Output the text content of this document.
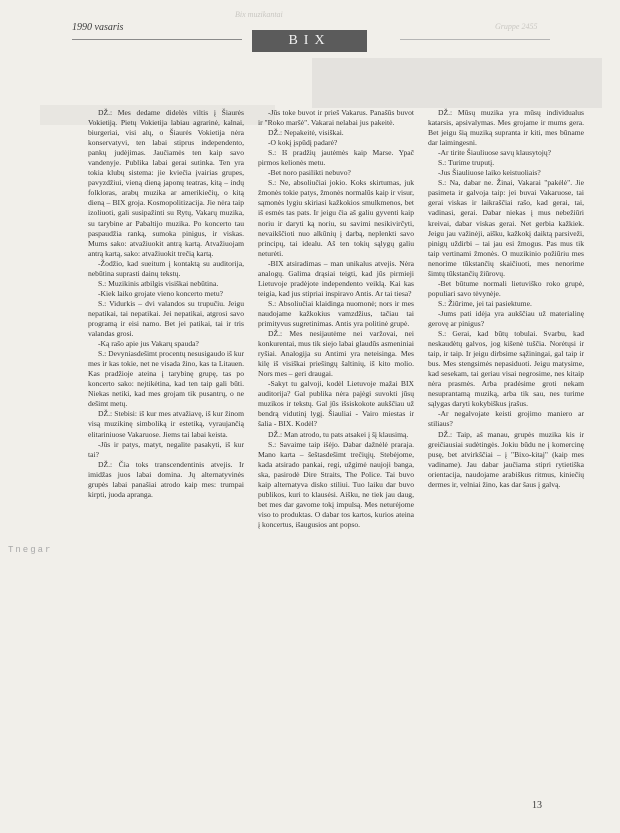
Bix muzikantai
Gruppe 2455
1990 vasaris
BIX

DŽ.: Mes dedame didelės viltis į Šiaurės Vokietiją. Pietų Vokietija labiau agrarinė, kalnai, biurgeriai, visi alų, o Šiaurės Vokietija nėra konservatyvi, ten labai stiprus independento, pankų judėjimas. Jaučiamės ten kaip savo vandenyje. Publika labai gerai sutinka. Ten yra tokia klubų sistema: jie kviečia įvairias grupes, pavyzdžiui, vieną dieną japonų teatras, kitą – indų folkloras, arabų muzika ar amerikiečių, o kitą dieną – BIX groja. Kosmopolitizacija. Jie nėra taip izoliuoti, gali susipažinti su Rytų, Vakarų muzika, su tarybine ar Pabaltijo muzika. Po koncerto tau paspaudžia ranką, sumoka pinigus, ir viskas. Mums sako: atvažiuokit antrą kartą. Atvažiuojam antrą kartą, sako: atvažiuokit trečią kartą.

-Žodžio, kad sueitum į kontaktą su auditorija, nebūtina suprasti dainų tekstų.

S.: Muzikinis atbilgis visiškai nebūtina.

-Kiek laiko grojate vieno koncerto metu?

S.: Vidurkis – dvi valandos su trupučiu. Jeigu nepatikai, tai nepatikai. Jei nepatikai, atgrosi savo programą ir eisi namo. Bet jei patikai, tai ir tris valandas grosi.

-Ką rašo apie jus Vakarų spauda?

S.: Devyniasdešimt procentų nesusigaudo iš kur mes ir kas tokie, net ne visada žino, kas ta Litauen. Kas pradžioje ateina į tarybinę grupę, tas po koncerto sako: nejtikėtina, kad ten taip gali būti. Niekas netiki, kad mes grojam tik pusantrų, o ne dešimt metų.

DŽ.: Stebisi: iš kur mes atvažiavę, iš kur žinom visą muzikinę simboliką ir estetiką, vyraujančią elitariniuose Vakaruose. Jiems tai labai keista.

-Jūs ir patys, matyt, negalite pasakyti, iš kur tai?

DŽ.: Čia toks transcendentinis atvejis. Ir imidžas juos labai domina. Jų alternatyvinės grupės labai panašiai atrodo kaip mes: trumpai kirpti, juoda apranga.

-Jūs toke buvot ir prieš Vakarus. Panašūs buvot ir "Roko maršė". Vakarai nelabai jus pakeitė.

DŽ.: Nepakeitė, visiškai.

-O kokį įspūdį padarė?

S.: Iš pradžių jautėmės kaip Marse. Ypač pirmos kelionės metu.

-Bet noro pasilikti nebuvo?

S.: Ne, absoliučiai jokio. Koks skirtumas, juk žmonės tokie patys, žmonės normalūs kaip ir visur, sąmonės lygiu skiriasi kažkokios smulkmenos, bet iš esmės tas pats. Ir jeigu čia aš galiu gyventi kaip noriu ir daryti ką noriu, su savimi nesikivirčyti, nevaikščioti nuo alkūnių į darbą, neplenkti savo principų, tai idealu. Aš ten tokių sąlygų galiu neturėti.

-BIX atsiradimas – man unikalus atvejis. Nėra analogų. Galima drąsiai teigti, kad jūs pirmieji Lietuvoje pradėjote independento veiklą. Kai kas teigia, kad jus stipriai inspiravo Antis. Ar tai tiesa?

S.: Absoliučiai klaidinga nuomonė; nors ir mes naudojame kažkokius vamzdžius, tačiau tai primityvus sugretinimas. Antis yra politinė grupė.

DŽ.: Mes nesijautėme nei varžovai, nei konkurentai, mus tik siejo labai glaudūs asmeniniai ryšiai. Analogija su Antimi yra neteisinga. Mes kilę iš visiškai priešingų šaltinių, iš kito molio. Nors mes – geri draugai.

-Sakyt tu galvoji, kodėl Lietuvoje mažai BIX auditorija? Gal publika nėra pajėgi suvokti jūsų muzikos ir tekstų. Gal jūs išsiskokote aukščiau už bendrą vidutinį lygį. Šiauliai - Vairo miestas ir šalia - BIX. Kodėl?

DŽ.: Man atrodo, tu pats atsakei į šį klausimą.

S.: Savaime taip išėjo. Dabar dažnėlė praraja. Mano karta – šeštasdešimt trečiųjų. Stebėjome, kada atsirado pankai, regi, užgimė naujoji banga, ska, pasirodė Dire Straits, The Police. Tai buvo kaip alternatyva disko stiliui. Tuo laiku dar buvo publikos, kuri to klausėsi. Aišku, ne tiek jau daug, bet mes dar gavome tokį impulsą. Mes neturėjome viso to produktas. O dabar tos kartos, kurios ateina į koncertus, išaugusios ant popso.

DŽ.: Mūsų muzika yra mūsų individualus katarsis, apsivalymas. Mes grojame ir mums gera. Bet jeigu šią muziką supranta ir kiti, mes būname dar laimingesni.

-Ar tirite Šiauliuose savų klausytojų?

S.: Turime truputį.

-Jus Šiauliuose laiko keistuoliais?

S.: Na, dabar ne. Žinai, Vakarai "pakėlė". Jie pasimeta ir galvoja taip: jei buvai Vakaruose, tai gerai viskas ir laikraščiai rašo, kad gerai, tai, vadinasi, gerai. Dabar niekas į mus nebežiūri kreivai, dabar viskas gerai. Net gerbia kažkiek. Jeigu jau važinėji, aišku, kažkokį daiktą parsiveži, pinigų uždirbi – tai jau esi žmogus. Pas mus tik taip vertinami žmonės. O muzikinio požiūriu mes nenorime tūkstančių skaičiuoti, mes nenorime šimtų tūkstančių žiūrovų.

-Bet būtume normali lietuviško roko grupė, populiari savo tėvynėje.

S.: Žiūrime, jei tai pasiektume.

-Jums pati idėja yra aukščiau už materialinę gerovę ar pinigus?

S.: Gerai, kad būtų tobulai. Svarbu, kad neskaudėtų galvos, jog kišenė tuščia. Norėtųsi ir taip, ir taip. Ir jeigu dirbsime sąžiningai, gal taip ir bus. Mes stengsimės nepasiduoti. Jeigu matysime, kad sesekam, tai geriau visai negrosime, nes kitaip nėra prasmės. Arba pradėsime groti nekam nesuprantamą muziką, arba tik sau, nes turime sąlygas daryti kokybiškus įrašus.

-Ar negalvojate keisti grojimo maniero ar stiliaus?

DŽ.: Taip, aš manau, grupės muzika kis ir greičiausiai sudėtingės. Jokiu būdu ne į komercinę pusę, bet atvirkščiai – į "Bixo-kitaj" (kaip mes vadiname). Jau dabar jaučiama stipri rytietiška orientacija, naudojame arabiškus ritmus, kiniečių dermes ir, velniai žino, kas dar šaus į galvą.

Tnegar
13
